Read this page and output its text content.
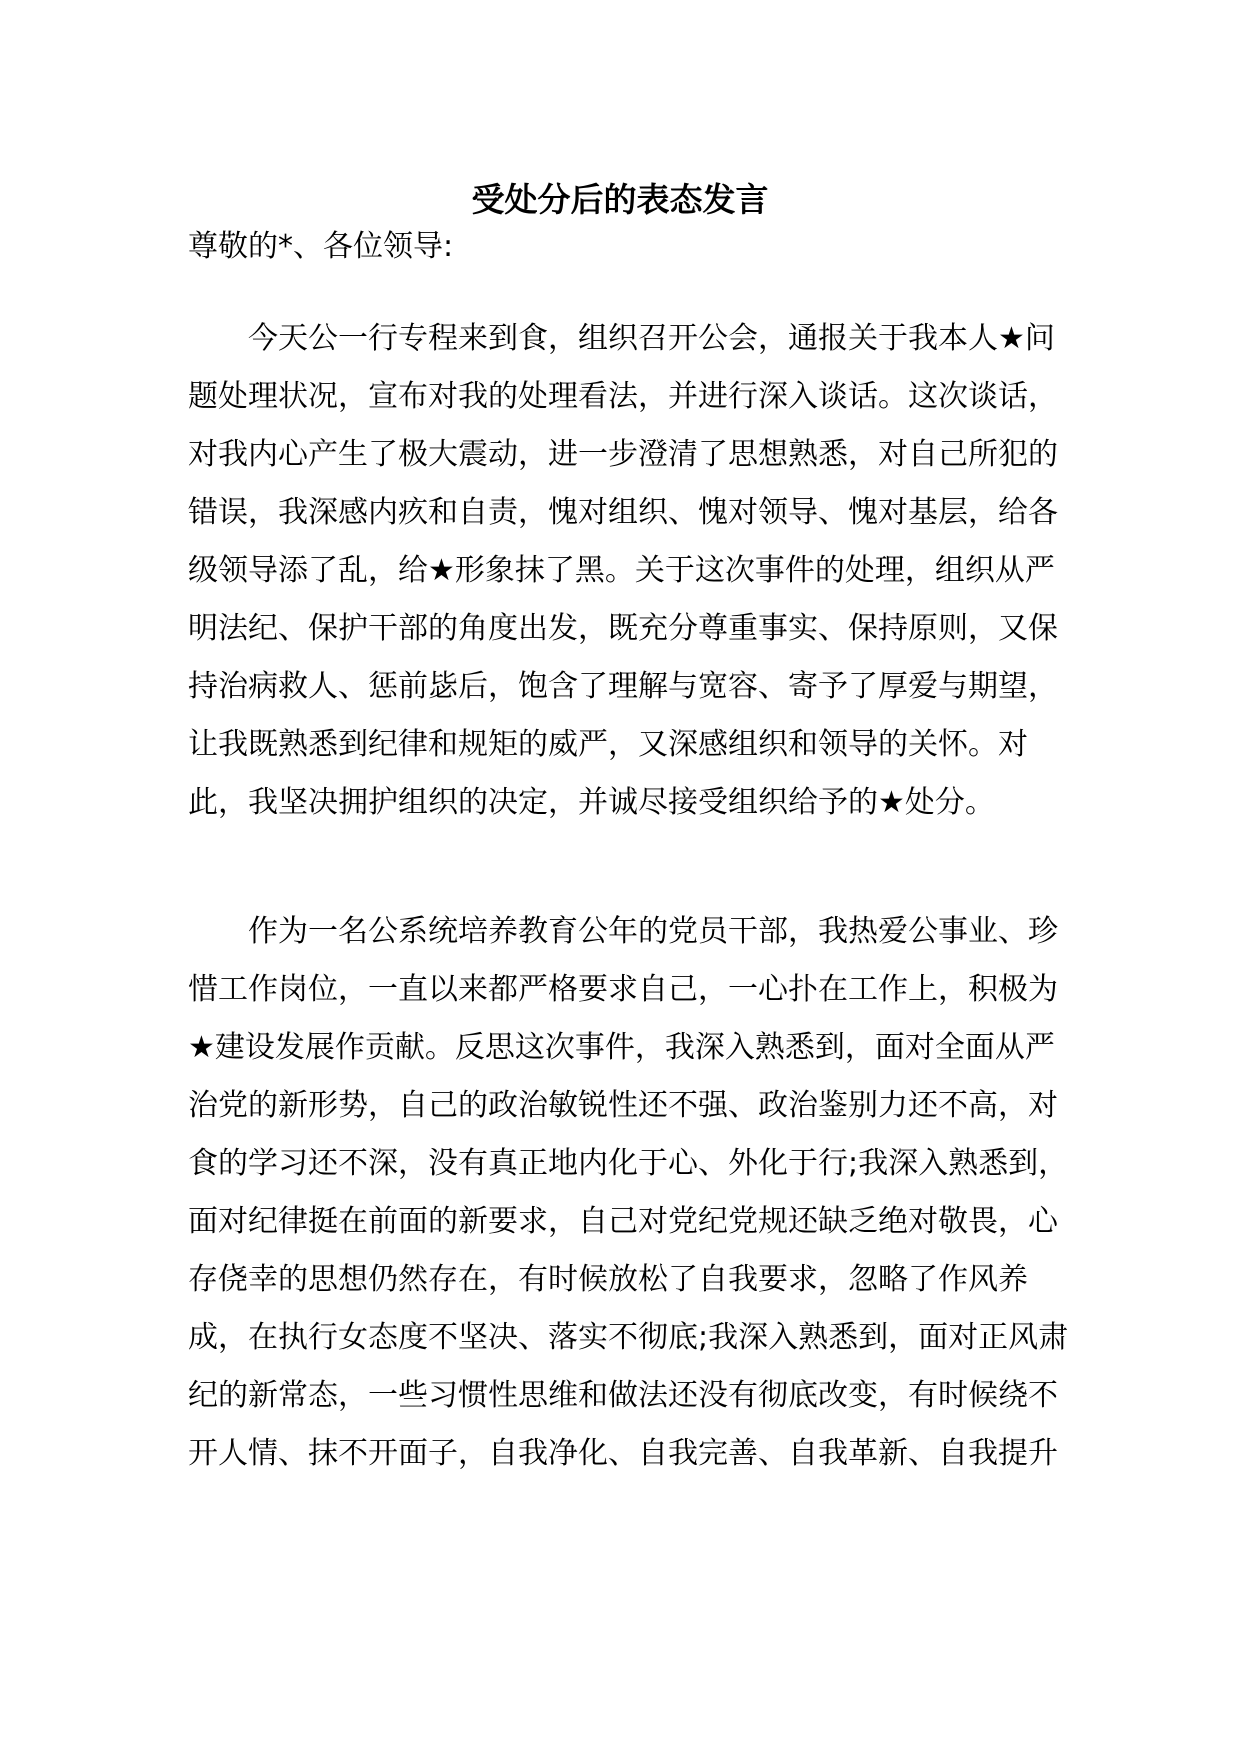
受处分后的表态发言
尊敬的*、各位领导:
今天公一行专程来到食，组织召开公会，通报关于我本人★问
题处理状况，宣布对我的处理看法，并进行深入谈话。这次谈话，
对我内心产生了极大震动，进一步澄清了思想熟悉，对自己所犯的
错误，我深感内疚和自责，愧对组织、愧对领导、愧对基层，给各
级领导添了乱，给★形象抹了黑。关于这次事件的处理，组织从严
明法纪、保护干部的角度出发，既充分尊重事实、保持原则，又保
持治病救人、惩前毖后，饱含了理解与宽容、寄予了厚爱与期望，
让我既熟悉到纪律和规矩的威严，又深感组织和领导的关怀。对
此，我坚决拥护组织的决定，并诚尽接受组织给予的★处分。
作为一名公系统培养教育公年的党员干部，我热爱公事业、珍
惜工作岗位，一直以来都严格要求自己，一心扑在工作上，积极为
★建设发展作贡献。反思这次事件，我深入熟悉到，面对全面从严
治党的新形势，自己的政治敏锐性还不强、政治鉴别力还不高，对
食的学习还不深，没有真正地内化于心、外化于行;我深入熟悉到，
面对纪律挺在前面的新要求，自己对党纪党规还缺乏绝对敬畏，心
存侥幸的思想仍然存在，有时候放松了自我要求，忽略了作风养
成，在执行女态度不坚决、落实不彻底;我深入熟悉到，面对正风肃
纪的新常态，一些习惯性思维和做法还没有彻底改变，有时候绕不
开人情、抹不开面子，自我净化、自我完善、自我革新、自我提升
